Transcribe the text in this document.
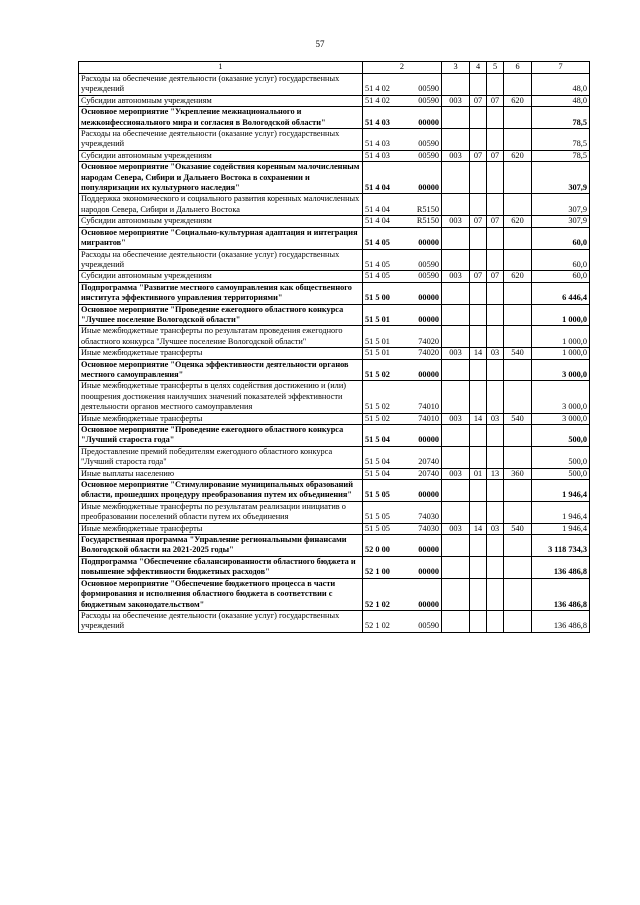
57
1	2			3	4	5	6	7
Расходы на обеспечение деятельности (оказание услуг) государственных учреждений	51 4 02		00590					48,0
Субсидии автономным учреждениям	51 4 02		00590	003	07	07	620	48,0
Основное мероприятие "Укрепление межнационального и межконфессионального мира и согласия в Вологодской области"	51 4 03		00000					78,5
Расходы на обеспечение деятельности (оказание услуг) государственных учреждений	51 4 03		00590					78,5
Субсидии автономным учреждениям	51 4 03		00590	003	07	07	620	78,5
Основное мероприятие "Оказание содействия коренным малочисленным народам Севера, Сибири и Дальнего Востока в сохранении и популяризации их культурного наследия"	51 4 04		00000					307,9
Поддержка экономического и социального развития коренных малочисленных народов Севера, Сибири и Дальнего Востока	51 4 04		R5150					307,9
Субсидии автономным учреждениям	51 4 04		R5150	003	07	07	620	307,9
Основное мероприятие "Социально-культурная адаптация и интеграция мигрантов"	51 4 05		00000					60,0
Расходы на обеспечение деятельности (оказание услуг) государственных учреждений	51 4 05		00590					60,0
Субсидии автономным учреждениям	51 4 05		00590	003	07	07	620	60,0
Подпрограмма "Развитие местного самоуправления как общественного института эффективного управления территориями"	51 5 00		00000					6 446,4
Основное мероприятие "Проведение ежегодного областного конкурса "Лучшее поселение Вологодской области"	51 5 01		00000					1 000,0
Иные межбюджетные трансферты по результатам проведения ежегодного областного конкурса "Лучшее поселение Вологодской области"	51 5 01		74020					1 000,0
Иные межбюджетные трансферты	51 5 01		74020	003	14	03	540	1 000,0
Основное мероприятие "Оценка эффективности деятельности органов местного самоуправления"	51 5 02		00000					3 000,0
Иные межбюджетные трансферты в целях содействия достижению и (или) поощрения достижения наилучших значений показателей эффективности деятельности органов местного самоуправления	51 5 02		74010					3 000,0
Иные межбюджетные трансферты	51 5 02		74010	003	14	03	540	3 000,0
Основное мероприятие "Проведение ежегодного областного конкурса "Лучший староста года"	51 5 04		00000					500,0
Предоставление премий победителям ежегодного областного конкурса "Лучший староста года"	51 5 04		20740					500,0
Иные выплаты населению	51 5 04		20740	003	01	13	360	500,0
Основное мероприятие "Стимулирование муниципальных образований области, прошедших процедуру преобразования путем их объединения"	51 5 05		00000					1 946,4
Иные межбюджетные трансферты по результатам реализации инициатив о преобразовании поселений области путем их объединения	51 5 05		74030					1 946,4
Иные межбюджетные трансферты	51 5 05		74030	003	14	03	540	1 946,4
Государственная программа "Управление региональными финансами Вологодской области на 2021-2025 годы"	52 0 00		00000					3 118 734,3
Подпрограмма "Обеспечение сбалансированности областного бюджета и повышение эффективности бюджетных расходов"	52 1 00		00000					136 486,8
Основное мероприятие "Обеспечение бюджетного процесса в части формирования и исполнения областного бюджета в соответствии с бюджетным законодательством"	52 1 02		00000					136 486,8
Расходы на обеспечение деятельности (оказание услуг) государственных учреждений	52 1 02		00590					136 486,8
